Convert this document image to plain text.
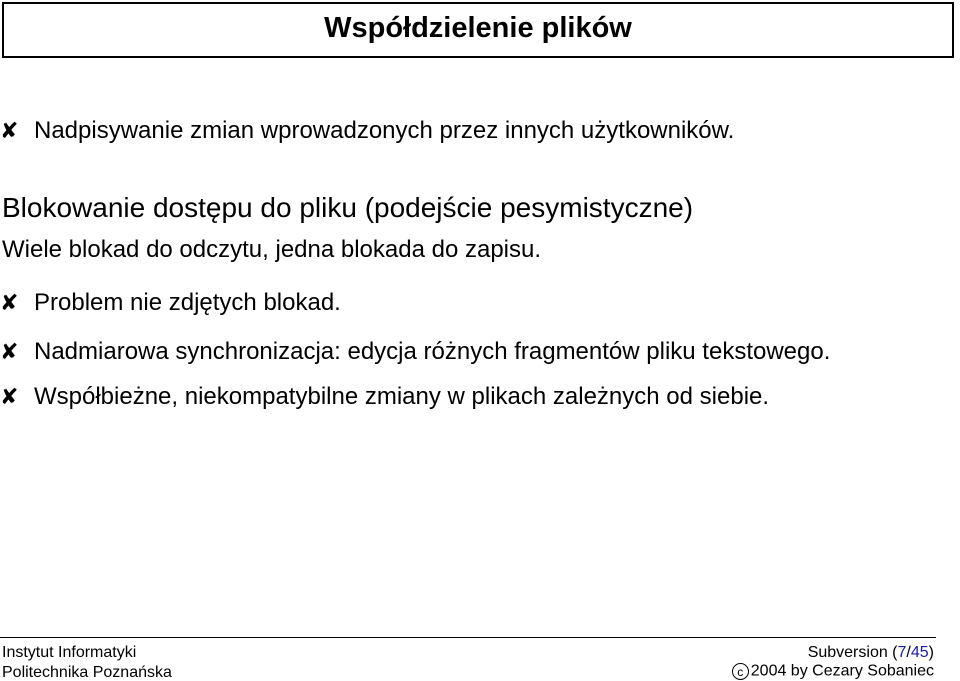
Współdzielenie plików
✘ Nadpisywanie zmian wprowadzonych przez innych użytkowników.
Blokowanie dostępu do pliku (podejście pesymistyczne)
Wiele blokad do odczytu, jedna blokada do zapisu.
✘ Problem nie zdjętych blokad.
✘ Nadmiarowa synchronizacja: edycja różnych fragmentów pliku tekstowego.
✘ Współbieżne, niekompatybilne zmiany w plikach zależnych od siebie.
Instytut Informatyki
Politechnika Poznańska
Subversion (7/45)
c 2004 by Cezary Sobaniec
